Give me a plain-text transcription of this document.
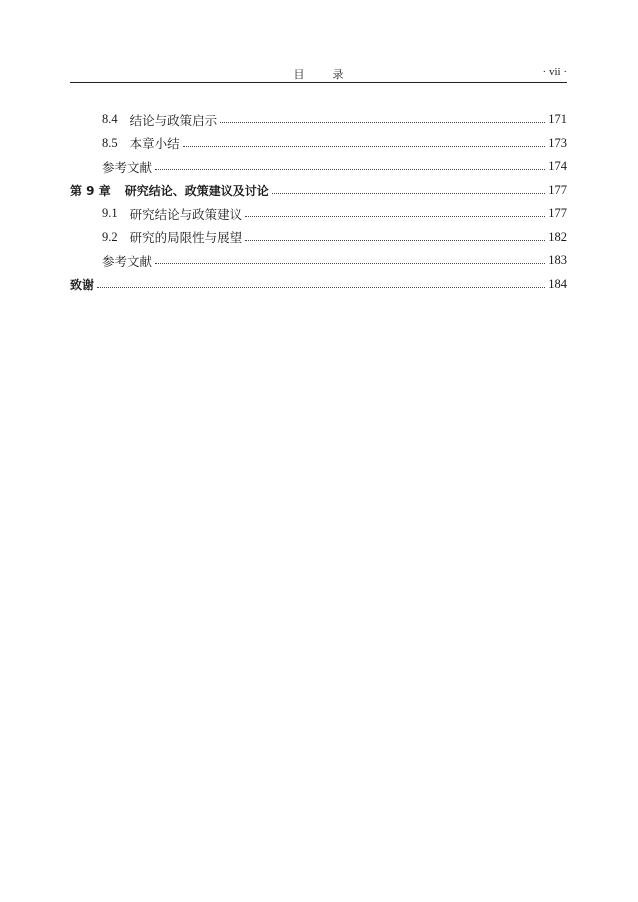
目录	· vii ·
8.4 结论与政策启示	171
8.5 本章小结	173
参考文献	174
第 9 章 研究结论、政策建议及讨论	177
9.1 研究结论与政策建议	177
9.2 研究的局限性与展望	182
参考文献	183
致谢	184
